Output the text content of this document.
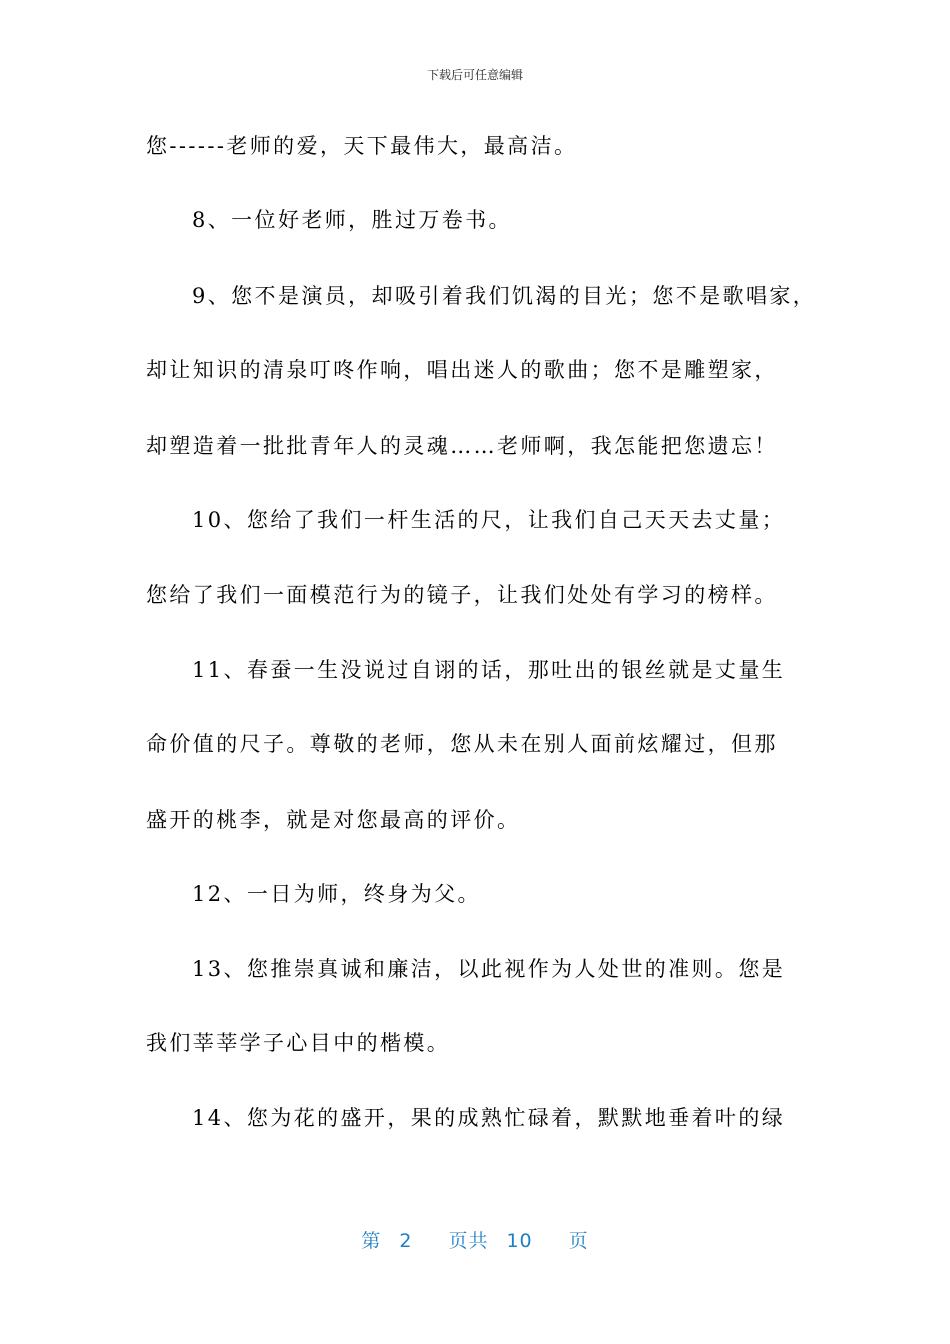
下载后可任意编辑
您------老师的爱，天下最伟大，最高洁。
8、一位好老师，胜过万卷书。
9、您不是演员，却吸引着我们饥渴的目光；您不是歌唱家，
却让知识的清泉叮咚作响，唱出迷人的歌曲；您不是雕塑家，
却塑造着一批批青年人的灵魂……老师啊，我怎能把您遗忘！
10、您给了我们一杆生活的尺，让我们自己天天去丈量；
您给了我们一面模范行为的镜子，让我们处处有学习的榜样。
11、春蚕一生没说过自诩的话，那吐出的银丝就是丈量生
命价值的尺子。尊敬的老师，您从未在别人面前炫耀过，但那
盛开的桃李，就是对您最高的评价。
12、一日为师，终身为父。
13、您推崇真诚和廉洁，以此视作为人处世的准则。您是
我们莘莘学子心目中的楷模。
14、您为花的盛开，果的成熟忙碌着，默默地垂着叶的绿
第 2 页共 10 页
